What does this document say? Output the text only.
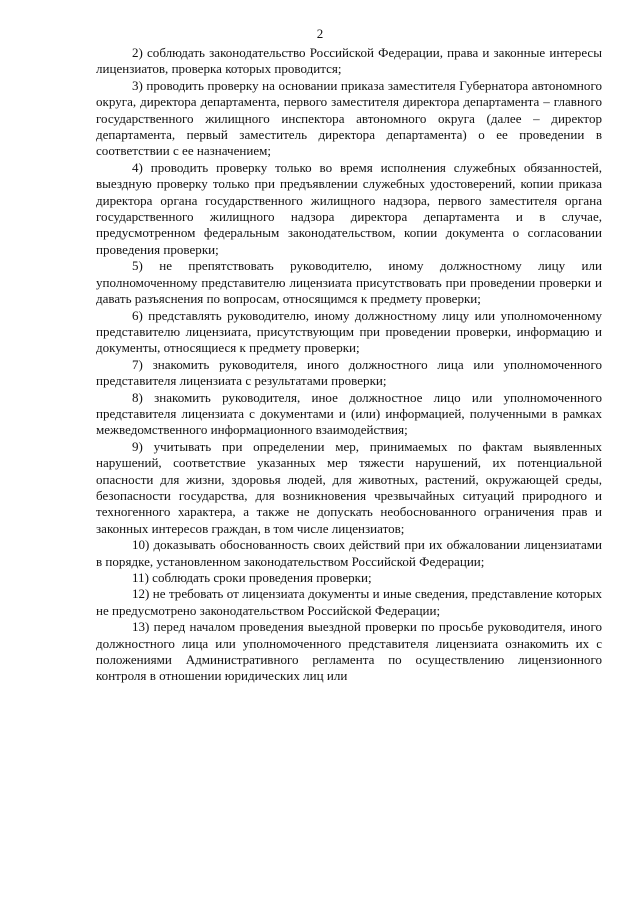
2

2) соблюдать законодательство Российской Федерации, права и законные интересы лицензиатов, проверка которых проводится;

3) проводить проверку на основании приказа заместителя Губернатора автономного округа, директора департамента, первого заместителя директора департамента – главного государственного жилищного инспектора автономного округа (далее – директор департамента, первый заместитель директора департамента) о ее проведении в соответствии с ее назначением;

4) проводить проверку только во время исполнения служебных обязанностей, выездную проверку только при предъявлении служебных удостоверений, копии приказа директора органа государственного жилищного надзора, первого заместителя органа государственного жилищного надзора директора департамента и в случае, предусмотренном федеральным законодательством, копии документа о согласовании проведения проверки;

5) не препятствовать руководителю, иному должностному лицу или уполномоченному представителю лицензиата присутствовать при проведении проверки и давать разъяснения по вопросам, относящимся к предмету проверки;

6) представлять руководителю, иному должностному лицу или уполномоченному представителю лицензиата, присутствующим при проведении проверки, информацию и документы, относящиеся к предмету проверки;

7) знакомить руководителя, иного должностного лица или уполномоченного представителя лицензиата с результатами проверки;

8) знакомить руководителя, иное должностное лицо или уполномоченного представителя лицензиата с документами и (или) информацией, полученными в рамках межведомственного информационного взаимодействия;

9) учитывать при определении мер, принимаемых по фактам выявленных нарушений, соответствие указанных мер тяжести нарушений, их потенциальной опасности для жизни, здоровья людей, для животных, растений, окружающей среды, безопасности государства, для возникновения чрезвычайных ситуаций природного и техногенного характера, а также не допускать необоснованного ограничения прав и законных интересов граждан, в том числе лицензиатов;

10) доказывать обоснованность своих действий при их обжаловании лицензиатами в порядке, установленном законодательством Российской Федерации;

11) соблюдать сроки проведения проверки;

12) не требовать от лицензиата документы и иные сведения, представление которых не предусмотрено законодательством Российской Федерации;

13) перед началом проведения выездной проверки по просьбе руководителя, иного должностного лица или уполномоченного представителя лицензиата ознакомить их с положениями Административного регламента по осуществлению лицензионного контроля в отношении юридических лиц или
